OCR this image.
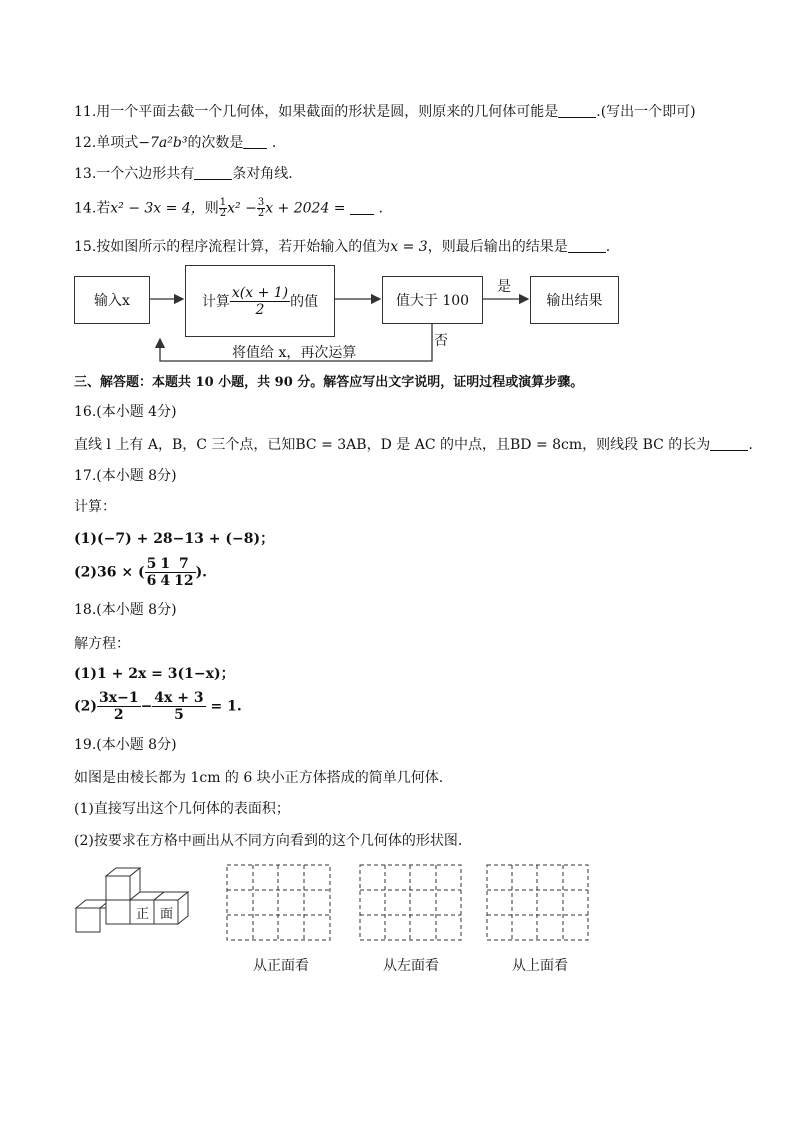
11.用一个平面去截一个几何体，如果截面的形状是圆，则原来的几何体可能是	.(写出一个即可)
12.单项式−7a²b³的次数是 .
13.一个六边形共有	条对角线.
14.若x² − 3x = 4，则 $\frac{1}{2} x^2 - \frac{3}{2}$ x + 2024 = .
15.按如图所示的程序流程计算，若开始输入的值为x = 3，则最后输出的结果是	.
输入x	计算 $\frac{x(x + 1)}{2}$ 的值	值大于 100
是
输出结果
否
将值给 x，再次运算
三、解答题：本题共 10 小题，共 90 分。解答应写出文字说明，证明过程或演算步骤。
16.(本小题 4分)
直线 l 上有 A，B，C 三个点，已知BC = 3AB，D 是 AC 的中点，且BD = 8cm，则线段 BC 的长为	.
17.(本小题 8分)
计算：
(1)(−7) + 28−13 + (−8)；
(2)36 × ( $\frac{5}{6} \frac{1}{4} \frac{7}{12}$ ).
18.(本小题 8分)
解方程：
(1)1 + 2x = 3(1−x)；
$(2) \frac{3x-1}{2} - \frac{4x + 3}{5} = 1$.
19.(本小题 8分)
如图是由棱长都为 1cm 的 6 块小正方体搭成的简单几何体.
(1)直接写出这个几何体的表面积；
(2)按要求在方格中画出从不同方向看到的这个几何体的形状图.
正 面
从正面看	从左面看	从上面看
